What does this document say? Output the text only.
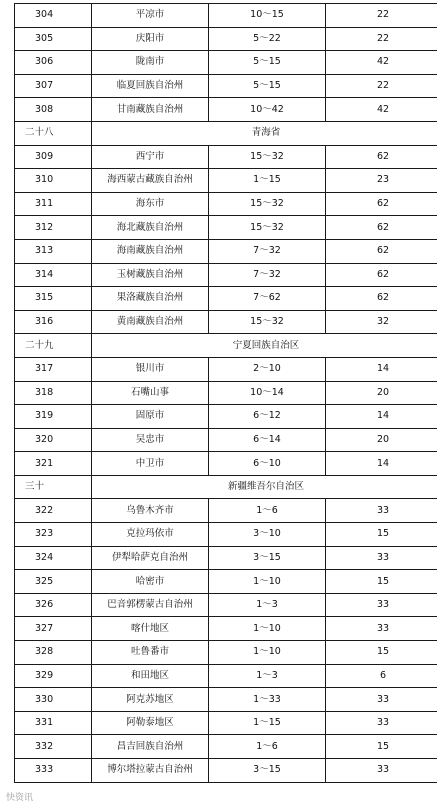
304	平凉市	10～15	22
305	庆阳市	5～22	22
306	陇南市	5～15	42
307	临夏回族自治州	5～15	22
308	甘南藏族自治州	10～42	42
二十八	青海省		
309	西宁市	15～32	62
310	海西蒙古藏族自治州	1～15	23
311	海东市	15～32	62
312	海北藏族自治州	15～32	62
313	海南藏族自治州	7～32	62
314	玉树藏族自治州	7～32	62
315	果洛藏族自治州	7～62	62
316	黄南藏族自治州	15～32	32
二十九	宁夏回族自治区		
317	银川市	2～10	14
318	石嘴山事	10～14	20
319	固原市	6～12	14
320	吴忠市	6～14	20
321	中卫市	6～10	14
三十	新疆维吾尔自治区		
322	乌鲁木齐市	1～6	33
323	克拉玛依市	3～10	15
324	伊犁哈萨克自治州	3～15	33
325	哈密市	1～10	15
326	巴音郭楞蒙古自治州	1～3	33
327	喀什地区	1～10	33
328	吐鲁番市	1～10	15
329	和田地区	1～3	6
330	阿克苏地区	1～33	33
331	阿勒泰地区	1～15	33
332	昌吉回族自治州	1～6	15
333	博尔塔拉蒙古自治州	3～15	33
快资讯
